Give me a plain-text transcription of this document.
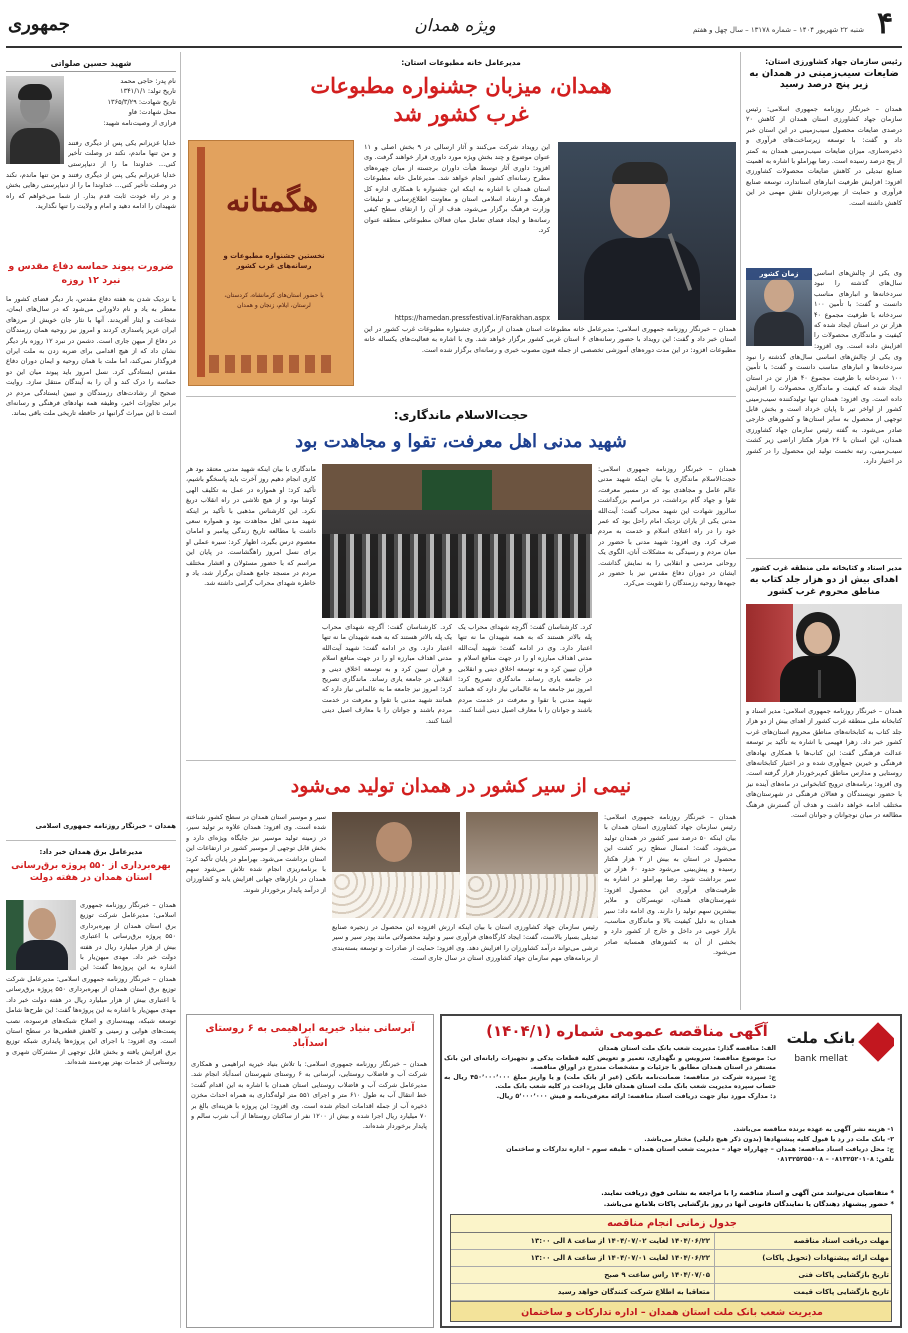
۴
شنبه ۲۲ شهریور ۱۴۰۴ – شماره ۱۳۱۷۸ – سال چهل و هفتم
ویژه همدان
جمهوری
رئیس سازمان جهاد کشاورزی استان:
ضایعات سیب‌زمینی در همدان به زیر پنج درصد رسید
همدان – خبرنگار روزنامه جمهوری اسلامی: رئیس سازمان جهاد کشاورزی استان همدان از کاهش ۲۰ درصدی ضایعات محصول سیب‌زمینی در این استان خبر داد و گفت: با توسعه زیرساخت‌های فرآوری و ذخیره‌سازی، میزان ضایعات سیب‌زمینی همدان به کمتر از پنج درصد رسیده است. رضا بهراملو با اشاره به اهمیت صنایع تبدیلی در کاهش ضایعات محصولات کشاورزی افزود: افزایش ظرفیت انبارهای استاندارد، توسعه صنایع فرآوری و حمایت از بهره‌برداران نقش مهمی در این کاهش داشته است.
زمان کشور	وی یکی از چالش‌های اساسی سال‌های گذشته را نبود سردخانه‌ها و انبارهای مناسب دانست و گفت: با تأمین ۱۰۰ سردخانه با ظرفیت مجموع ۴۰ هزار تن در استان ایجاد شده که کیفیت و ماندگاری محصولات را افزایش داده است. وی افزود:
وی یکی از چالش‌های اساسی سال‌های گذشته را نبود سردخانه‌ها و انبارهای مناسب دانست و گفت: با تأمین ۱۰۰ سردخانه با ظرفیت مجموع ۴۰ هزار تن در استان ایجاد شده که کیفیت و ماندگاری محصولات را افزایش داده است. وی افزود: همدان تنها تولیدکننده سیب‌زمینی کشور از اواخر تیر تا پایان خرداد است و بخش قابل توجهی از محصول به سایر استان‌ها و کشورهای خارجی صادر می‌شود. به گفته رئیس سازمان جهاد کشاورزی همدان، این استان با ۲۶ هزار هکتار اراضی زیر کشت سیب‌زمینی، رتبه نخست تولید این محصول را در کشور در اختیار دارد.
مدیر اسناد و کتابخانه ملی منطقه غرب کشور
اهدای بیش از دو هزار جلد کتاب به مناطق محروم غرب کشور
همدان – خبرنگار روزنامه جمهوری اسلامی: مدیر اسناد و کتابخانه ملی منطقه غرب کشور از اهدای بیش از دو هزار جلد کتاب به کتابخانه‌های مناطق محروم استان‌های غرب کشور خبر داد. زهرا فهیمی با اشاره به تأکید بر توسعه عدالت فرهنگی گفت: این کتاب‌ها با همکاری نهادهای فرهنگی و خیرین جمع‌آوری شده و در اختیار کتابخانه‌های روستایی و مدارس مناطق کم‌برخوردار قرار گرفته است. وی افزود: برنامه‌های ترویج کتابخوانی در ماه‌های آینده نیز با حضور نویسندگان و فعالان فرهنگی در شهرستان‌های مختلف ادامه خواهد داشت و هدف آن گسترش فرهنگ مطالعه در میان نوجوانان و جوانان است.
مدیرعامل خانه مطبوعات استان:
همدان، میزبان جشنواره مطبوعات غرب کشور شد
هگمتانه
نخستین جشنواره مطبوعات و رسانه‌های غرب کشور
با حضور استان‌های کرمانشاه، کردستان، لرستان، ایلام، زنجان و همدان
این رویداد شرکت می‌کنند و آثار ارسالی در ۹ بخش اصلی و ۱۱ عنوان موضوع و چند بخش ویژه مورد داوری قرار خواهند گرفت. وی افزود: داوری آثار توسط هیأت داوران برجسته از میان چهره‌های مطرح رسانه‌ای کشور انجام خواهد شد. مدیرعامل خانه مطبوعات استان همدان با اشاره به اینکه این جشنواره با همکاری اداره کل فرهنگ و ارشاد اسلامی استان و معاونت اطلاع‌رسانی و تبلیغات وزارت فرهنگ برگزار می‌شود، هدف از آن را ارتقای سطح کیفی رسانه‌ها و ایجاد فضای تعامل میان فعالان مطبوعاتی منطقه عنوان کرد.
https://hamedan.pressfestival.ir/Farakhan.aspx
همدان – خبرنگار روزنامه جمهوری اسلامی: مدیرعامل خانه مطبوعات استان همدان از برگزاری جشنواره مطبوعات غرب کشور در این استان خبر داد و گفت: این رویداد با حضور رسانه‌های ۶ استان غربی کشور برگزار خواهد شد. وی با اشاره به فعالیت‌های یکساله خانه مطبوعات افزود: در این مدت دوره‌های آموزشی تخصصی از جمله فنون مصوب خبری و رسانه‌ای برگزار شده است.
حجت‌الاسلام ماندگاری:
شهید مدنی اهل معرفت، تقوا و مجاهدت بود
همدان – خبرنگار روزنامه جمهوری اسلامی: حجت‌الاسلام ماندگاری با بیان اینکه شهید مدنی عالم عامل و مجاهدی بود که در مسیر معرفت، تقوا و جهاد گام برداشت، در مراسم بزرگداشت سالروز شهادت این شهید محراب گفت: آیت‌الله مدنی یکی از یاران نزدیک امام راحل بود که عمر خود را در راه اعتلای اسلام و خدمت به مردم صرف کرد. وی افزود: شهید مدنی با حضور در میان مردم و رسیدگی به مشکلات آنان، الگوی یک روحانی مردمی و انقلابی را به نمایش گذاشت. ایشان در دوران دفاع مقدس نیز با حضور در جبهه‌ها روحیه رزمندگان را تقویت می‌کرد.
کرد. کارشناسان گفت: آگرچه شهدای محراب یک پله بالاتر هستند که به همه شهیدان ما نه تنها اعتبار دارد. وی در ادامه گفت: شهید آیت‌الله مدنی اهداف مبارزه او را در جهت منافع اسلام و قرآن تبیین کرد و به توسعه اخلاق دینی و انقلابی در جامعه یاری رساند. ماندگاری تصریح کرد: امروز نیز جامعه ما به عالمانی نیاز دارد که همانند شهید مدنی با تقوا و معرفت در خدمت مردم باشند و جوانان را با معارف اصیل دینی آشنا کنند.
کرد. کارشناسان گفت: آگرچه شهدای محراب یک پله بالاتر هستند که به همه شهیدان ما نه تنها اعتبار دارد. وی در ادامه گفت: شهید آیت‌الله مدنی اهداف مبارزه او را در جهت منافع اسلام و قرآن تبیین کرد و به توسعه اخلاق دینی و انقلابی در جامعه یاری رساند. ماندگاری تصریح کرد: امروز نیز جامعه ما به عالمانی نیاز دارد که همانند شهید مدنی با تقوا و معرفت در خدمت مردم باشند و جوانان را با معارف اصیل دینی آشنا کنند.
ماندگاری با بیان اینکه شهید مدنی معتقد بود هر کاری انجام دهیم روز آخرت باید پاسخگو باشیم، تأکید کرد: او همواره در عمل به تکلیف الهی کوشا بود و از هیچ تلاشی در راه انقلاب دریغ نکرد. این کارشناس مذهبی با تأکید بر اینکه شهید مدنی اهل مجاهدت بود و همواره سعی داشت با مطالعه تاریخ زندگی پیامبر و امامان معصوم درس بگیرد، اظهار کرد: سیره عملی او برای نسل امروز راهگشاست. در پایان این مراسم که با حضور مسئولان و اقشار مختلف مردم در مسجد جامع همدان برگزار شد، یاد و خاطره شهدای محراب گرامی داشته شد.
نیمی از سیر کشور در همدان تولید می‌شود
همدان – خبرنگار روزنامه جمهوری اسلامی: رئیس سازمان جهاد کشاورزی استان همدان با بیان اینکه ۵۰ درصد سیر کشور در همدان تولید می‌شود، گفت: امسال سطح زیر کشت این محصول در استان به بیش از ۲ هزار هکتار رسیده و پیش‌بینی می‌شود حدود ۶۰ هزار تن سیر برداشت شود. رضا بهراملو در اشاره به ظرفیت‌های فرآوری این محصول افزود: شهرستان‌های همدان، تویسرکان و ملایر بیشترین سهم تولید را دارند. وی ادامه داد: سیر همدان به دلیل کیفیت بالا و ماندگاری مناسب، بازار خوبی در داخل و خارج از کشور دارد و بخشی از آن به کشورهای همسایه صادر می‌شود.
رئیس سازمان جهاد کشاورزی استان با بیان اینکه ارزش افزوده این محصول در زنجیره صنایع تبدیلی بسیار بالاست، گفت: ایجاد کارگاه‌های فرآوری سیر و تولید محصولاتی مانند پودر سیر و سیر ترشی می‌تواند درآمد کشاورزان را افزایش دهد. وی افزود: حمایت از صادرات و توسعه بسته‌بندی از برنامه‌های مهم سازمان جهاد کشاورزی استان در سال جاری است.
سیر و موسیر استان همدان در سطح کشور شناخته شده است. وی افزود: همدان علاوه بر تولید سیر، در زمینه تولید موسیر نیز جایگاه ویژه‌ای دارد و بخش قابل توجهی از موسیر کشور در ارتفاعات این استان برداشت می‌شود. بهراملو در پایان تأکید کرد: با برنامه‌ریزی انجام شده تلاش می‌شود سهم همدان در بازارهای جهانی افزایش یابد و کشاورزان از درآمد پایدار برخوردار شوند.
شهید حسین صلواتی
نام پدر: حاجی محمد
تاریخ تولد: ۱۳۴۱/۱/۱
تاریخ شهادت: ۱۳۶۵/۳/۲۹
محل شهادت: فاو
فرازی از وصیت‌نامه شهید:
خدایا عزیزانم یکی پس از دیگری رفتند و من تنها ماندم، نکند در وصلت تأخیر کنی… خداوندا ما را از دنیاپرستی
خدایا عزیزانم یکی پس از دیگری رفتند و من تنها ماندم، نکند در وصلت تأخیر کنی… خداوندا ما را از دنیاپرستی رهایی بخش و در راه خودت ثابت قدم بدار. از شما می‌خواهم که راه شهیدان را ادامه دهید و امام و ولایت را تنها نگذارید.
ضرورت پیوند حماسه دفاع مقدس و نبرد ۱۲ روزه
با نزدیک شدن به هفته دفاع مقدس، بار دیگر فضای کشور ما معطر به یاد و نام دلاورانی می‌شود که در سال‌های ایمان، شجاعت و ایثار آفریدند. آنها با نثار جان خویش از مرزهای ایران عزیز پاسداری کردند و امروز نیز روحیه همان رزمندگان در دفاع از میهن جاری است. دشمن در نبرد ۱۲ روزه بار دیگر نشان داد که از هیچ اقدامی برای ضربه زدن به ملت ایران فروگذار نمی‌کند، اما ملت با همان روحیه و ایمان دوران دفاع مقدس ایستادگی کرد. نسل امروز باید پیوند میان این دو حماسه را درک کند و آن را به آیندگان منتقل سازد. روایت صحیح از رشادت‌های رزمندگان و تبیین ایستادگی مردم در برابر تجاوزات اخیر، وظیفه همه نهادهای فرهنگی و رسانه‌ای است تا این میراث گرانبها در حافظه تاریخی ملت باقی بماند.
همدان – خبرنگار روزنامه جمهوری اسلامی
مدیرعامل برق همدان خبر داد:
بهره‌برداری از ۵۵۰ پروژه برق‌رسانی استان همدان در هفته دولت
همدان – خبرنگار روزنامه جمهوری اسلامی: مدیرعامل شرکت توزیع برق استان همدان از بهره‌برداری ۵۵۰ پروژه برق‌رسانی با اعتباری بیش از هزار میلیارد ریال در هفته دولت خبر داد. مهدی میهن‌یار با اشاره به این پروژه‌ها گفت: این
همدان – خبرنگار روزنامه جمهوری اسلامی: مدیرعامل شرکت توزیع برق استان همدان از بهره‌برداری ۵۵۰ پروژه برق‌رسانی با اعتباری بیش از هزار میلیارد ریال در هفته دولت خبر داد. مهدی میهن‌یار با اشاره به این پروژه‌ها گفت: این طرح‌ها شامل توسعه شبکه، بهینه‌سازی و اصلاح شبکه‌های فرسوده، نصب پست‌های هوایی و زمینی و کاهش قطعی‌ها در سطح استان است. وی افزود: با اجرای این پروژه‌ها پایداری شبکه توزیع برق افزایش یافته و بخش قابل توجهی از مشترکان شهری و روستایی از خدمات بهتر بهره‌مند شده‌اند.
آبرسانی بنیاد خیریه ابراهیمی به ۶ روستای اسدآباد
همدان – خبرنگار روزنامه جمهوری اسلامی: با تلاش بنیاد خیریه ابراهیمی و همکاری شرکت آب و فاضلاب روستایی، آبرسانی به ۶ روستای شهرستان اسدآباد انجام شد. مدیرعامل شرکت آب و فاضلاب روستایی استان همدان با اشاره به این اقدام گفت: خط انتقال آب به طول ۶۱۰ متر و اجرای ۵۵۱ متر لوله‌گذاری به همراه احداث مخزن ذخیره آب از جمله اقدامات انجام شده است. وی افزود: این پروژه با هزینه‌ای بالغ بر ۷۰ میلیارد ریال اجرا شده و بیش از ۱۲۰۰ نفر از ساکنان روستاها از آب شرب سالم و پایدار برخوردار شده‌اند.
آگهی مناقصه عمومی شماره (۱۴۰۴/۱) بانک ملت
bank mellat
الف: مناقصه گذار: مدیریت شعب بانک ملت استان همدان
ب: موضوع مناقصه: سرویس و نگهداری، تعمیر و تعویض کلیه قطعات یدکی و تجهیزات رایانه‌ای این بانک مستقر در استان همدان مطابق با جزئیات و مشخصات مندرج در اوراق مناقصه.
ج: سپرده شرکت در مناقصه: ضمانت‌نامه بانکی (غیر از بانک ملت) و یا واریز مبلغ ۴۵۰٬۰۰۰٬۰۰۰ ریال به حساب سپرده مدیریت شعب بانک ملت استان همدان قابل پرداخت در کلیه شعب بانک ملت.
د: مدارک مورد نیاز جهت دریافت اسناد مناقصه: ارائه معرفی‌نامه و فیش ۵٬۰۰۰٬۰۰۰ ریال.
۱- هزینه نشر آگهی به عهده برنده مناقصه می‌باشد.
۲- بانک ملت در رد یا قبول کلیه پیشنهادها (بدون ذکر هیچ دلیلی) مختار می‌باشد.
ج: محل دریافت اسناد مناقصه: همدان – چهارراه جهاد – مدیریت شعب استان همدان – طبقه سوم – اداره تدارکات و ساختمان
تلفن: ۰۸۱۳۲۵۲۰۱۰۸ – ۰۸۱۳۲۵۲۵۵۰۰۸
* متقاضیان می‌توانند متن آگهی و اسناد مناقصه را با مراجعه به نشانی فوق دریافت نمایند.
* حضور پیشنهاد دهندگان یا نمایندگان قانونی آنها در روز بازگشایی پاکات بلامانع می‌باشد.
جدول زمانی انجام مناقصه
مهلت دریافت اسناد مناقصه
۱۴۰۴/۰۶/۲۲ لغایت ۱۴۰۴/۰۷/۰۲ از ساعت ۸ الی ۱۳:۰۰
مهلت ارائه پیشنهادات (تحویل پاکات)
۱۴۰۴/۰۶/۲۲ لغایت ۱۴۰۴/۰۷/۰۱ از ساعت ۸ الی ۱۳:۰۰
تاریخ بازگشایی پاکات فنی
۱۴۰۴/۰۷/۰۵ راس ساعت ۹ صبح
تاریخ بازگشایی پاکات قیمت
متعاقبا به اطلاع شرکت کنندگان خواهد رسید
مدیریت شعب بانک ملت استان همدان – اداره تدارکات و ساختمان
